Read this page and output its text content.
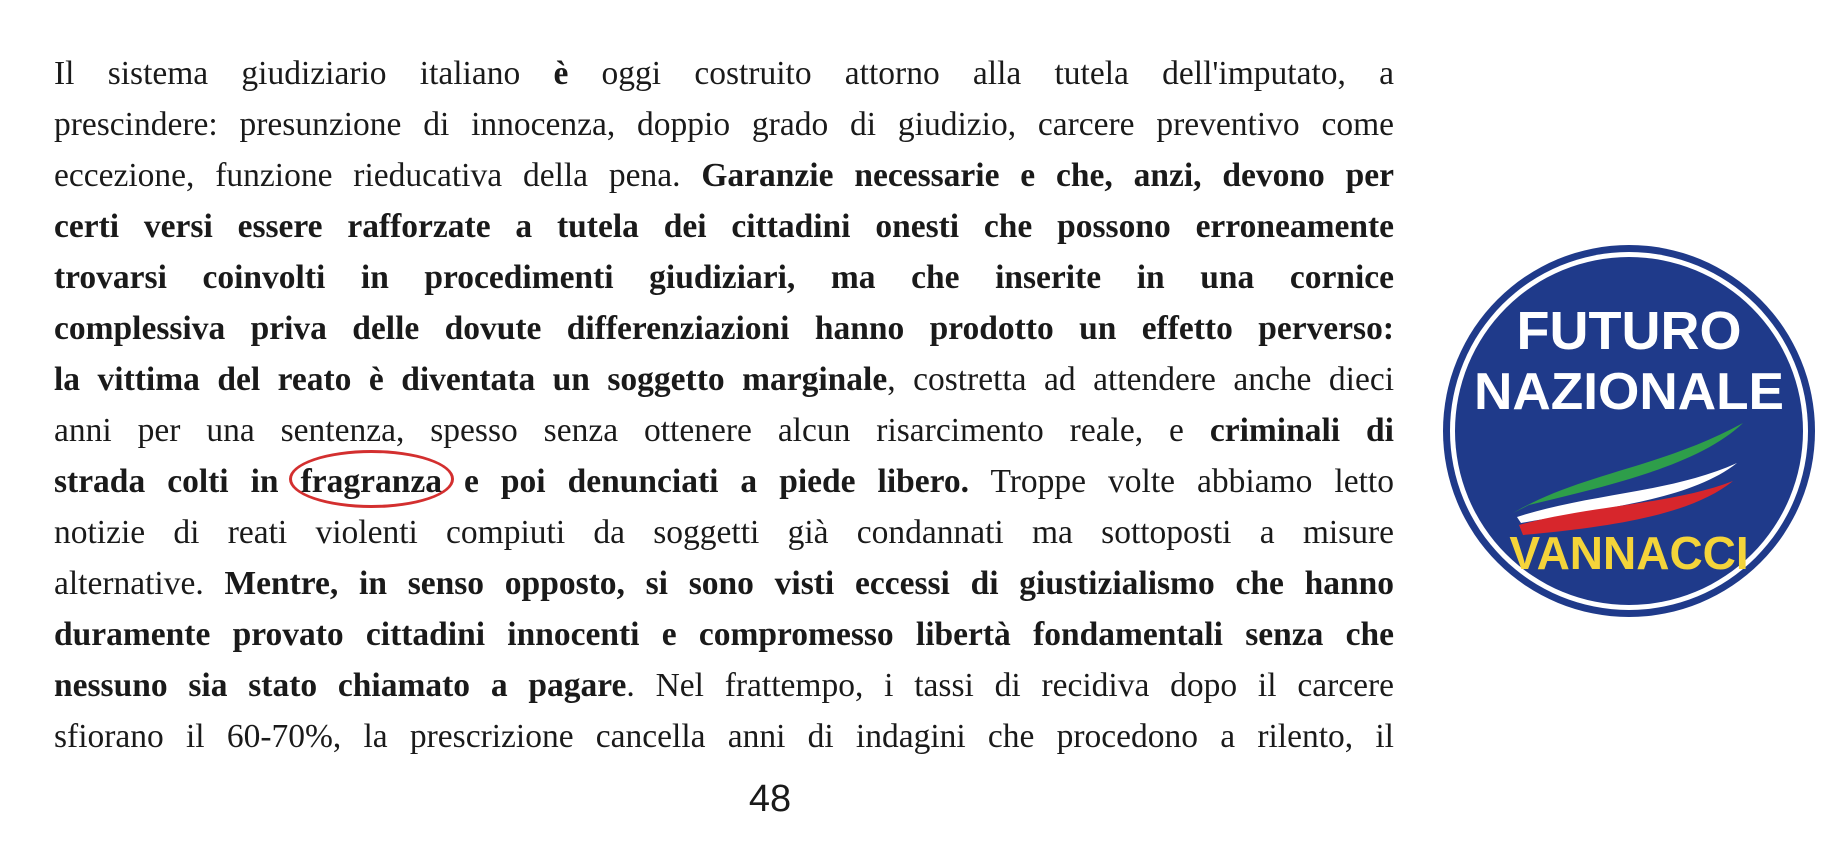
Il sistema giudiziario italiano è oggi costruito attorno alla tutela dell'imputato, a
prescindere: presunzione di innocenza, doppio grado di giudizio, carcere preventivo come
eccezione, funzione rieducativa della pena. Garanzie necessarie e che, anzi, devono per
certi versi essere rafforzate a tutela dei cittadini onesti che possono erroneamente
trovarsi coinvolti in procedimenti giudiziari, ma che inserite in una cornice
complessiva priva delle dovute differenziazioni hanno prodotto un effetto perverso:
la vittima del reato è diventata un soggetto marginale, costretta ad attendere anche dieci
anni per una sentenza, spesso senza ottenere alcun risarcimento reale, e criminali di
strada colti in fragranza
e poi denunciati a piede libero. Troppe volte abbiamo letto
notizie di reati violenti compiuti da soggetti già condannati ma sottoposti a misure
alternative. Mentre, in senso opposto, si sono visti eccessi di giustizialismo che hanno
duramente provato cittadini innocenti e compromesso libertà fondamentali senza che
nessuno sia stato chiamato a pagare. Nel frattempo, i tassi di recidiva dopo il carcere
sfiorano il 60-70%, la prescrizione cancella anni di indagini che procedono a rilento, il
48
FUTURO
NAZIONALE
VANNACCI
